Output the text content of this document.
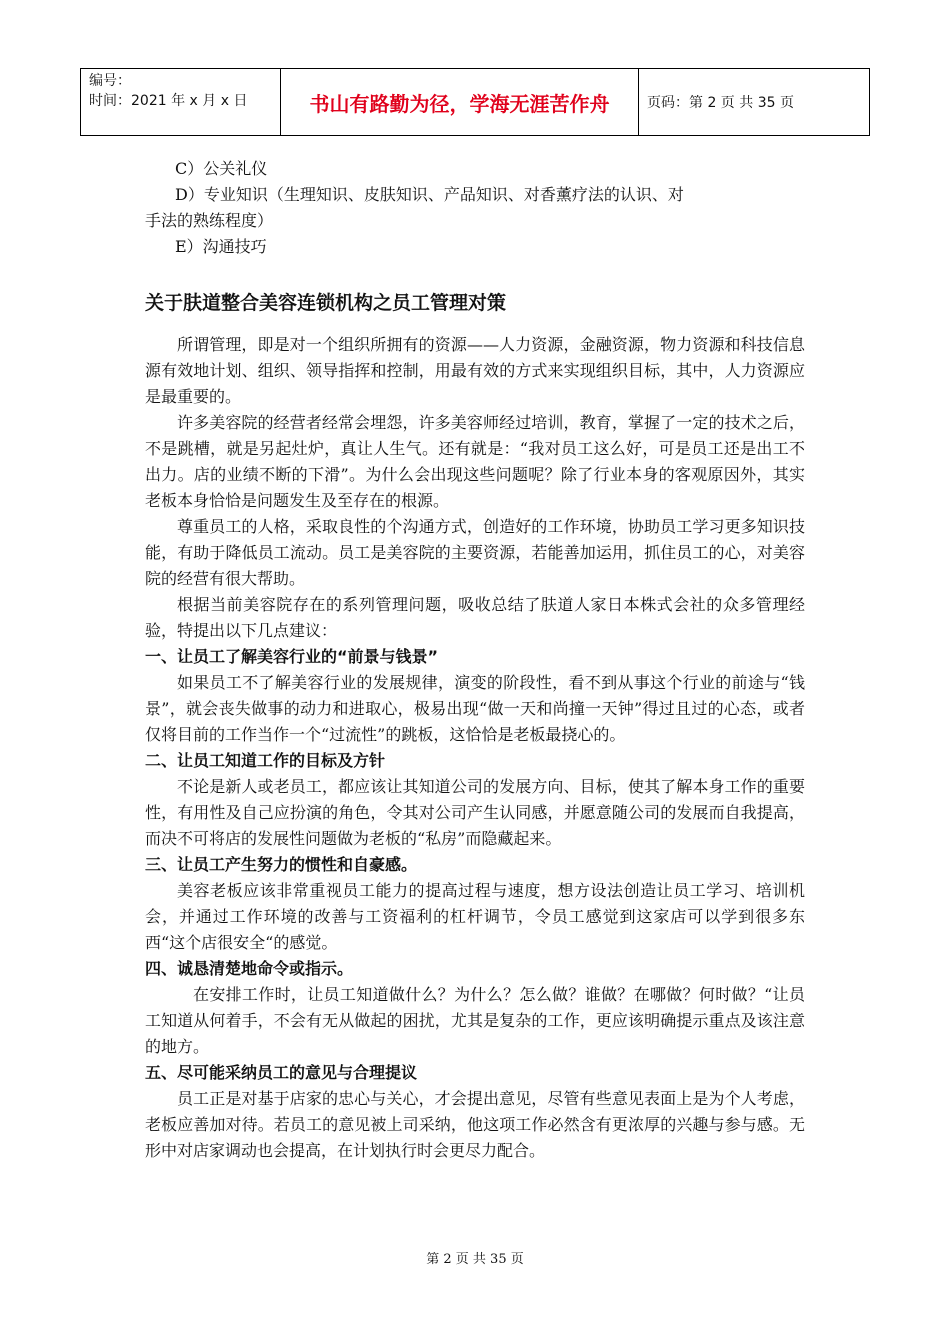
编号：
时间：2021 年 x 月 x 日	书山有路勤为径，学海无涯苦作舟	页码：第 2 页 共 35 页

C）公关礼仪

D）专业知识（生理知识、皮肤知识、产品知识、对香薰疗法的认识、对

手法的熟练程度）

E）沟通技巧

关于肤道整合美容连锁机构之员工管理对策

所谓管理，即是对一个组织所拥有的资源——人力资源，金融资源，物力资源和科技信息源有效地计划、组织、领导指挥和控制，用最有效的方式来实现组织目标，其中，人力资源应是最重要的。

许多美容院的经营者经常会埋怨，许多美容师经过培训，教育，掌握了一定的技术之后，不是跳槽，就是另起灶炉，真让人生气。还有就是：“我对员工这么好，可是员工还是出工不出力。店的业绩不断的下滑”。为什么会出现这些问题呢？除了行业本身的客观原因外，其实老板本身恰恰是问题发生及至存在的根源。

尊重员工的人格，采取良性的个沟通方式，创造好的工作环境，协助员工学习更多知识技能，有助于降低员工流动。员工是美容院的主要资源，若能善加运用，抓住员工的心，对美容院的经营有很大帮助。

根据当前美容院存在的系列管理问题，吸收总结了肤道人家日本株式会社的众多管理经验，特提出以下几点建议：

一、让员工了解美容行业的“前景与钱景”

如果员工不了解美容行业的发展规律，演变的阶段性，看不到从事这个行业的前途与“钱景”，就会丧失做事的动力和进取心，极易出现“做一天和尚撞一天钟”得过且过的心态，或者仅将目前的工作当作一个“过流性”的跳板，这恰恰是老板最挠心的。

二、让员工知道工作的目标及方针

不论是新人或老员工，都应该让其知道公司的发展方向、目标，使其了解本身工作的重要性，有用性及自己应扮演的角色，令其对公司产生认同感，并愿意随公司的发展而自我提高，而决不可将店的发展性问题做为老板的“私房”而隐藏起来。

三、让员工产生努力的惯性和自豪感。

美容老板应该非常重视员工能力的提高过程与速度，想方设法创造让员工学习、培训机会，并通过工作环境的改善与工资福利的杠杆调节，令员工感觉到这家店可以学到很多东西“这个店很安全“的感觉。

四、诚恳清楚地命令或指示。

在安排工作时，让员工知道做什么？为什么？怎么做？谁做？在哪做？何时做？“让员工知道从何着手，不会有无从做起的困扰，尤其是复杂的工作，更应该明确提示重点及该注意的地方。

五、尽可能采纳员工的意见与合理提议

员工正是对基于店家的忠心与关心，才会提出意见，尽管有些意见表面上是为个人考虑，老板应善加对待。若员工的意见被上司采纳，他这项工作必然含有更浓厚的兴趣与参与感。无形中对店家调动也会提高，在计划执行时会更尽力配合。

第 2 页 共 35 页
